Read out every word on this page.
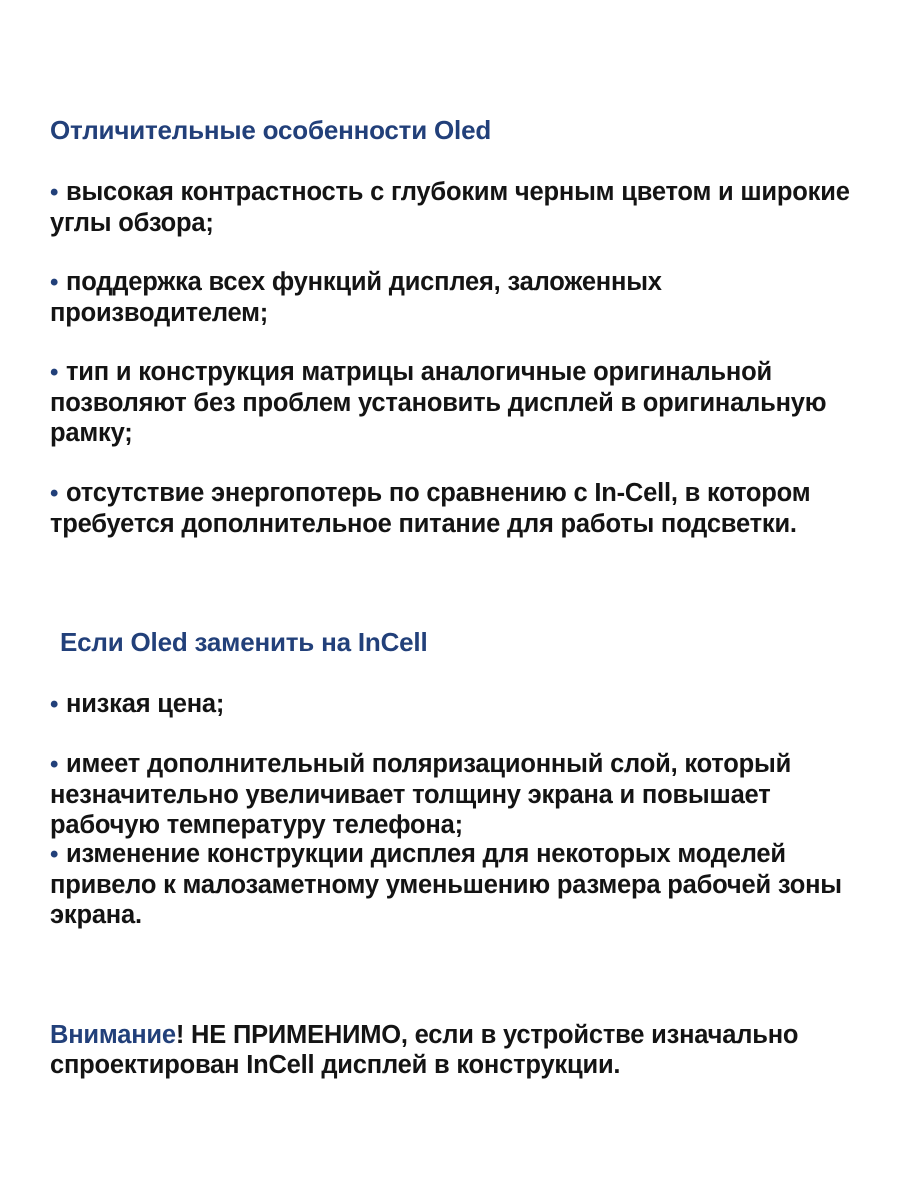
Отличительные особенности Oled

• высокая контрастность с глубоким черным цветом и широкие углы обзора;

• поддержка всех функций дисплея, заложенных производителем;

• тип и конструкция матрицы аналогичные оригинальной позволяют без проблем установить дисплей в оригинальную рамку;

• отсутствие энергопотерь по сравнению с In-Cell, в котором требуется дополнительное питание для работы подсветки.

Если Oled заменить на InCell

• низкая цена;

• имеет дополнительный поляризационный слой, который незначительно увеличивает толщину экрана и повышает рабочую температуру телефона;

• изменение конструкции дисплея для некоторых моделей привело к малозаметному уменьшению размера рабочей зоны экрана.

Внимание! НЕ ПРИМЕНИМО, если в устройстве изначально спроектирован InCell дисплей в конструкции.
